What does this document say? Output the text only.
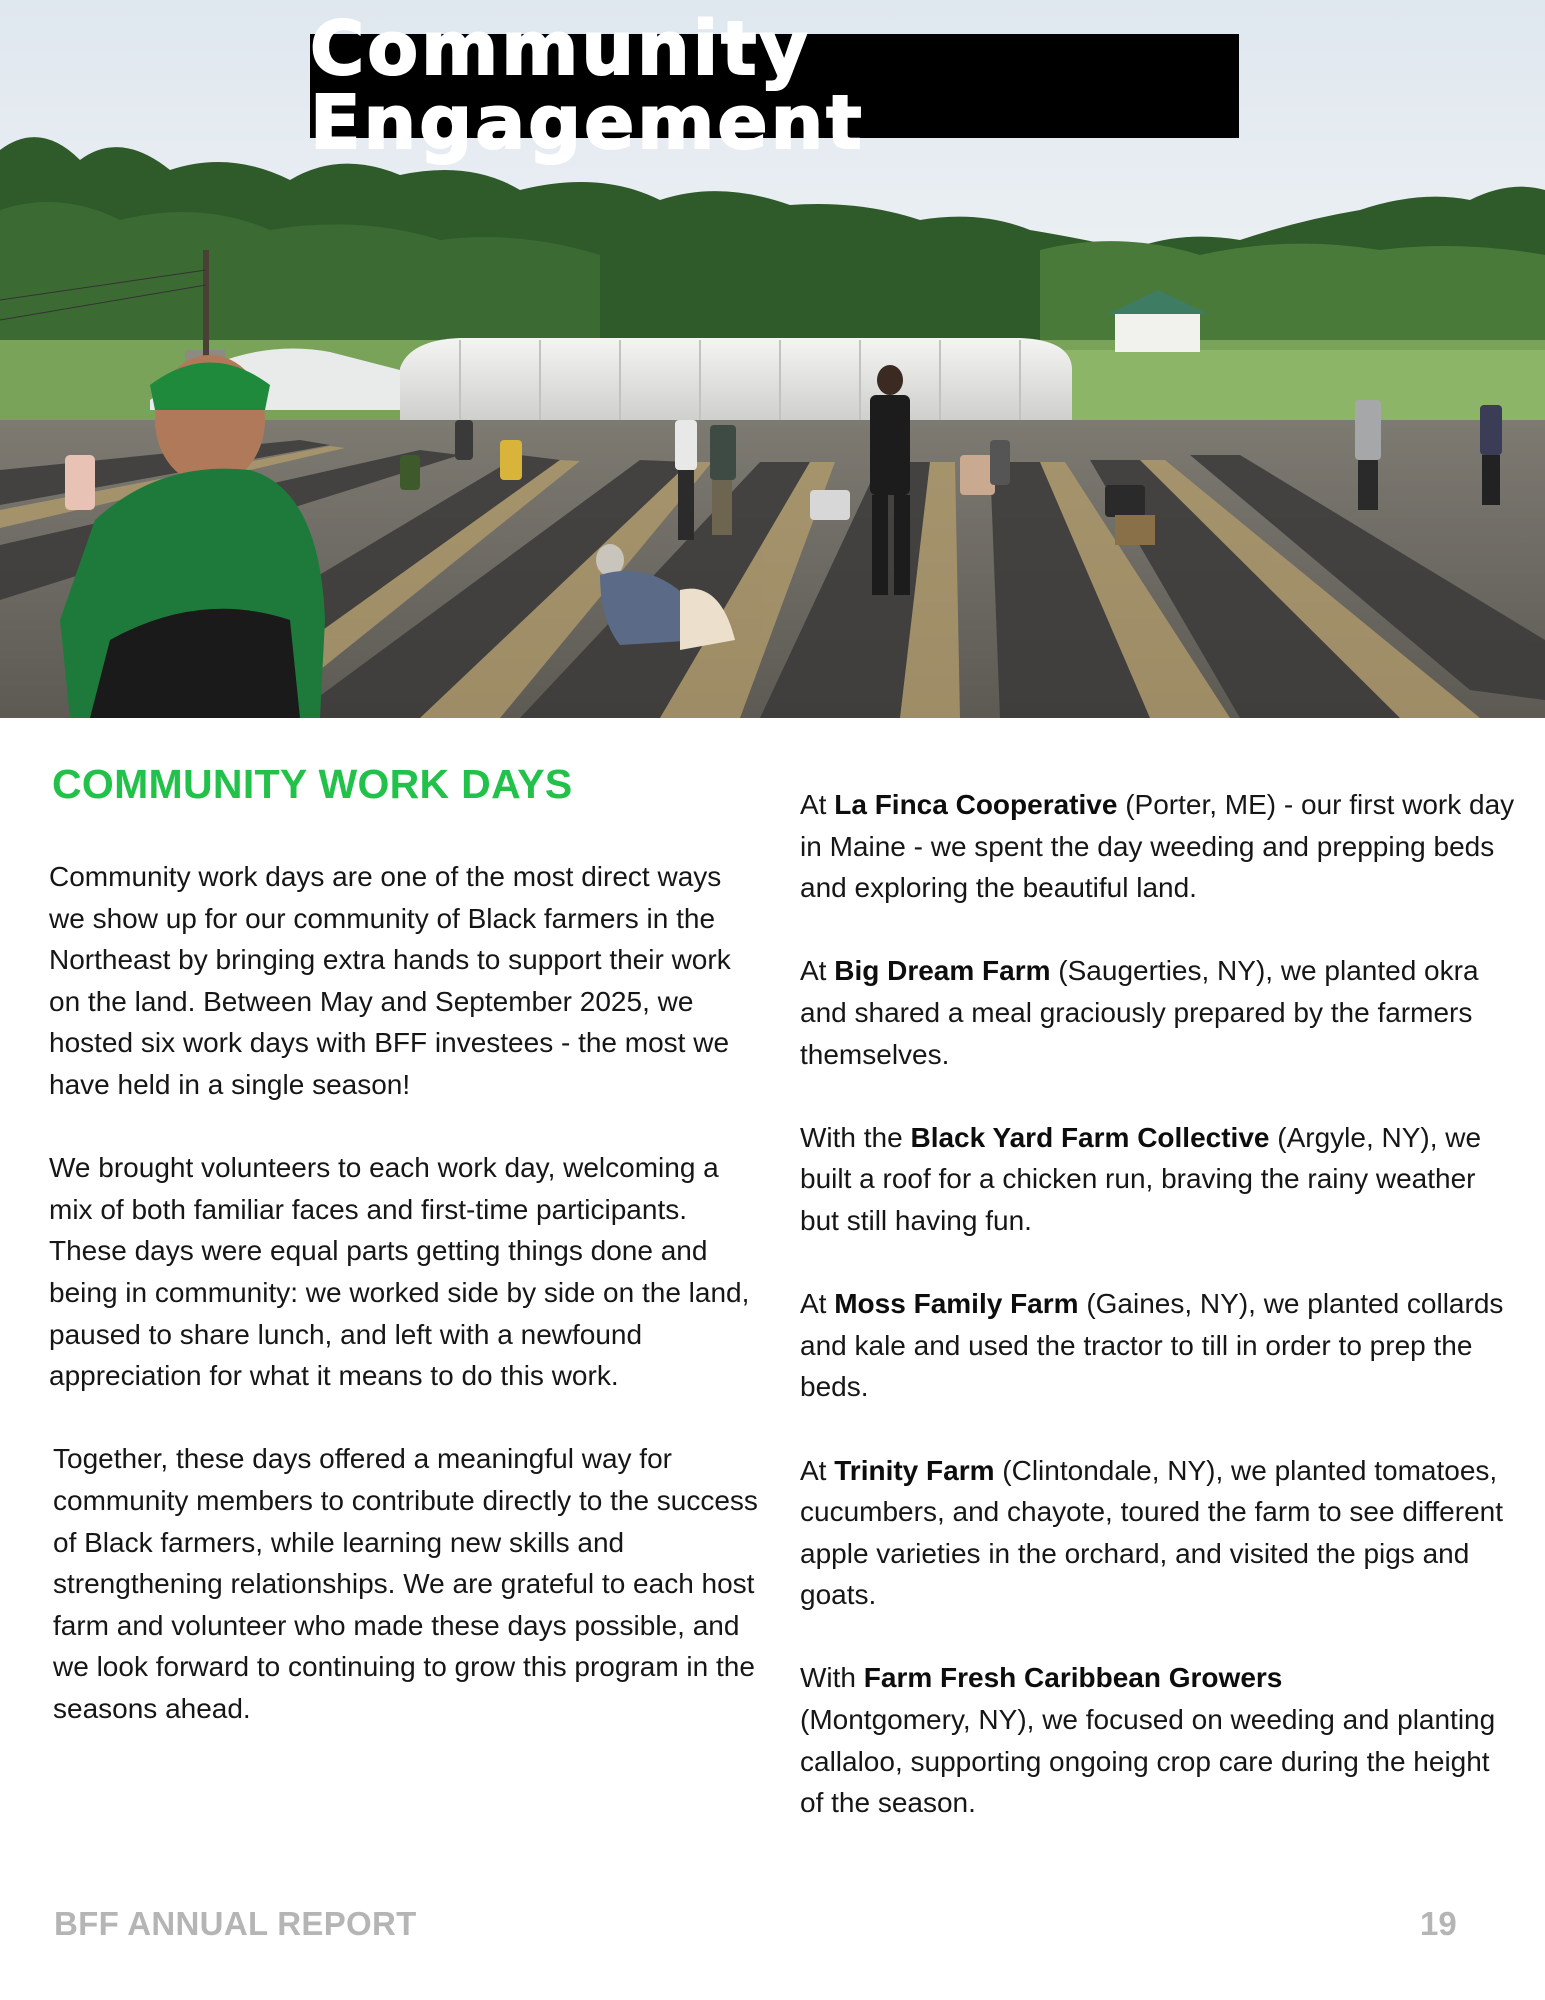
Community Engagement
COMMUNITY WORK DAYS

Community work days are one of the most direct ways we show up for our community of Black farmers in the Northeast by bringing extra hands to support their work on the land. Between May and September 2025, we hosted six work days with BFF investees - the most we have held in a single season!

We brought volunteers to each work day, welcoming a mix of both familiar faces and first-time participants. These days were equal parts getting things done and being in community: we worked side by side on the land, paused to share lunch, and left with a newfound appreciation for what it means to do this work.

Together, these days offered a meaningful way for community members to contribute directly to the success of Black farmers, while learning new skills and strengthening relationships. We are grateful to each host farm and volunteer who made these days possible, and we look forward to continuing to grow this program in the seasons ahead.

At La Finca Cooperative (Porter, ME) - our first work day in Maine - we spent the day weeding and prepping beds and exploring the beautiful land.

At Big Dream Farm (Saugerties, NY), we planted okra and shared a meal graciously prepared by the farmers themselves.

With the Black Yard Farm Collective (Argyle, NY), we built a roof for a chicken run, braving the rainy weather but still having fun.

At Moss Family Farm (Gaines, NY), we planted collards and kale and used the tractor to till in order to prep the beds.

At Trinity Farm (Clintondale, NY), we planted tomatoes, cucumbers, and chayote, toured the farm to see different apple varieties in the orchard, and visited the pigs and goats.

With Farm Fresh Caribbean Growers
(Montgomery, NY), we focused on weeding and planting callaloo, supporting ongoing crop care during the height of the season.

BFF ANNUAL REPORT	19
